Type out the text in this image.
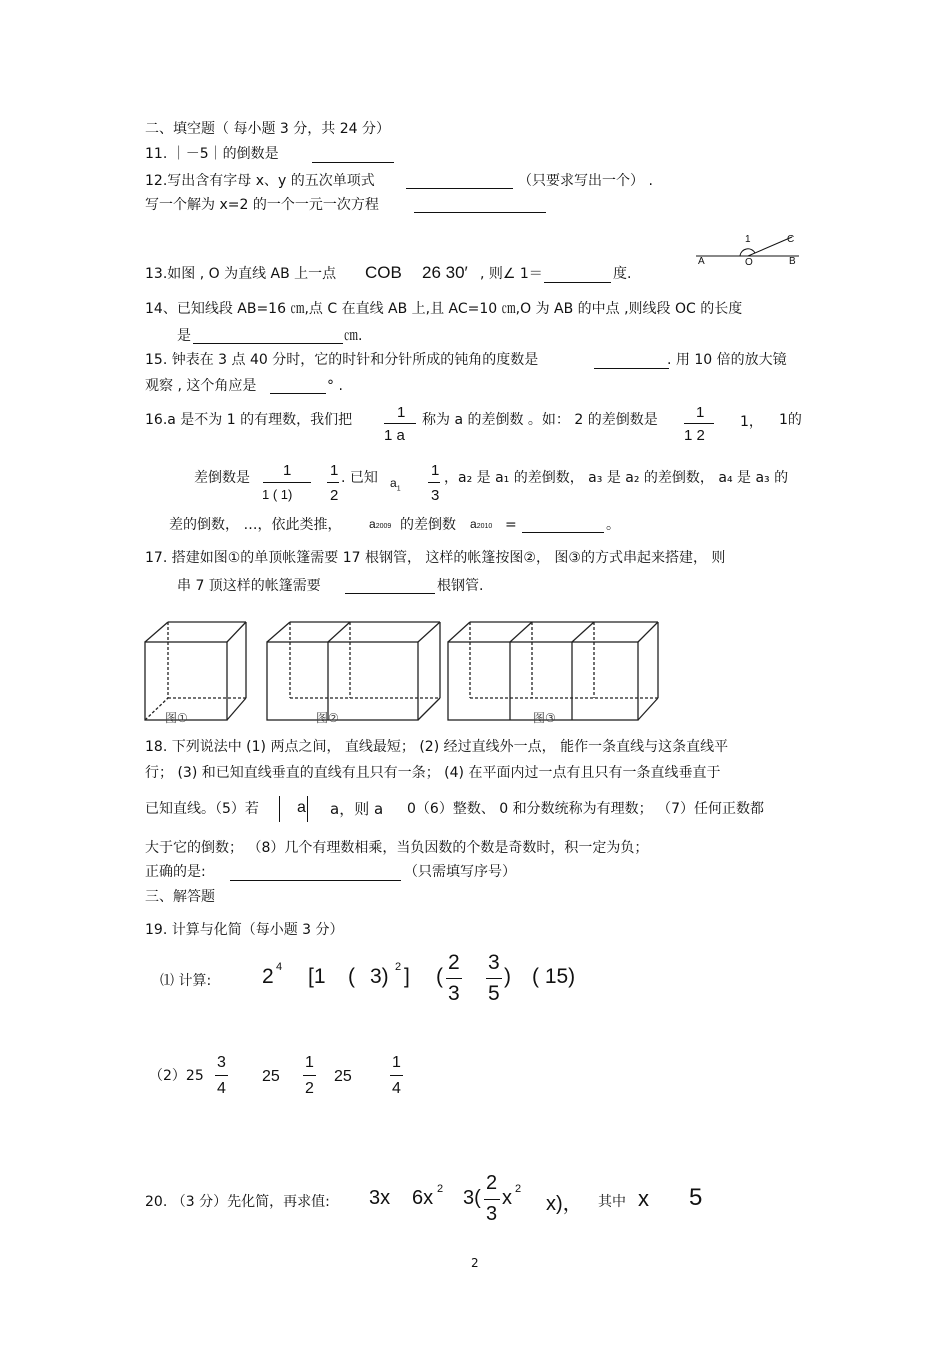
二、填空题（ 每小题 3 分，共 24 分）
11. ｜－5｜的倒数是
12.写出含有字母 x、y 的五次单项式	（只要求写出一个） .
写一个解为 x=2 的一个一元一次方程
1	C
A	O	B
13.如图 , O 为直线 AB 上一点 COB 26 30′ , 则∠ 1＝	度.
14、已知线段 AB=16 ㎝,点 C 在直线 AB 上,且 AC=10 ㎝,O 为 AB 的中点 ,则线段 OC 的长度
是	㎝.
15. 钟表在 3 点 40 分时，它的时针和分针所成的钝角的度数是	. 用 10 倍的放大镜
观察 , 这个角应是	° .
16.a 是不为 1 的有理数，我们把	1
1 a
称为 a 的差倒数 。如： 2 的差倒数是	1
1 2
1， 1的
差倒数是 1
1 ( 1)
1
2
. 已知 $a_1$
1
3
，a₂ 是 a₁ 的差倒数， a₃ 是 a₂ 的差倒数， a₄ 是 a₃ 的
差的倒数， …，依此类推， a2009 的差倒数 a2010 =	。
17. 搭建如图①的单顶帐篷需要 17 根钢管， 这样的帐篷按图②， 图③的方式串起来搭建， 则
串 7 顶这样的帐篷需要	根钢管.
图①	图②	图③
18. 下列说法中 (1) 两点之间， 直线最短； (2) 经过直线外一点， 能作一条直线与这条直线平
行； (3) 和已知直线垂直的直线有且只有一条； (4) 在平面内过一点有且只有一条直线垂直于
已知直线。（5）若 a a，则 a 0（6）整数、 0 和分数统称为有理数； （7）任何正数都
大于它的倒数； （8）几个有理数相乘，当负因数的个数是奇数时，积一定为负；
正确的是:	（只需填写序号）
三、解答题
19. 计算与化简（每小题 3 分）
⑴ 计算: 2 4 [1 ( 3) 2 ] (
2
3
3
5
) ( 15)
（2）25
3
4
25
1
2
25
1
4
20. （3 分）先化简，再求值: 3x 6x 2 3(
2
3
x 2
x)， 其中 x 5
2
